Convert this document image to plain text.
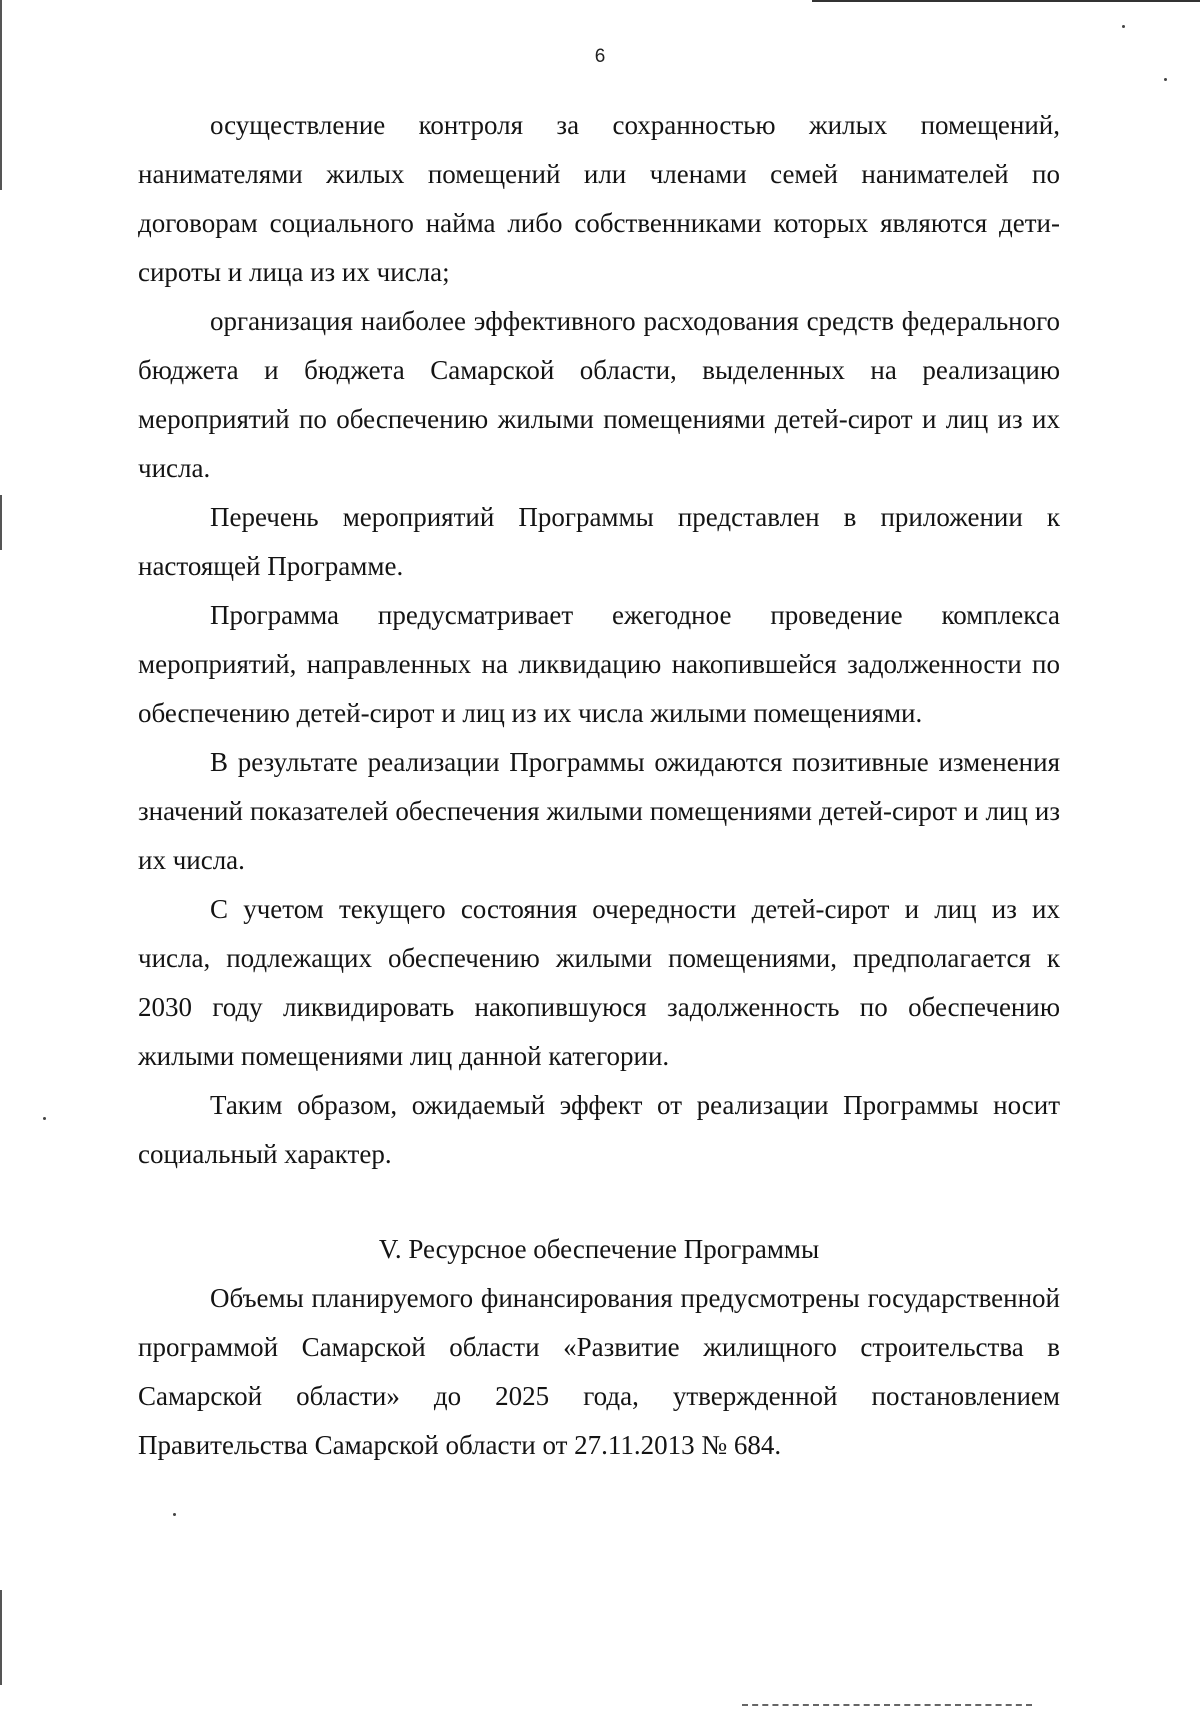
6

осуществление контроля за сохранностью жилых помещений, нанимателями жилых помещений или членами семей нанимателей по договорам социального найма либо собственниками которых являются дети-сироты и лица из их числа;

организация наиболее эффективного расходования средств федерального бюджета и бюджета Самарской области, выделенных на реализацию мероприятий по обеспечению жилыми помещениями детей-сирот и лиц из их числа.

Перечень мероприятий Программы представлен в приложении к настоящей Программе.

Программа предусматривает ежегодное проведение комплекса мероприятий, направленных на ликвидацию накопившейся задолженности по обеспечению детей-сирот и лиц из их числа жилыми помещениями.

В результате реализации Программы ожидаются позитивные изменения значений показателей обеспечения жилыми помещениями детей-сирот и лиц из их числа.

С учетом текущего состояния очередности детей-сирот и лиц из их числа, подлежащих обеспечению жилыми помещениями, предполагается к 2030 году ликвидировать накопившуюся задолженность по обеспечению жилыми помещениями лиц данной категории.

Таким образом, ожидаемый эффект от реализации Программы носит социальный характер.

V. Ресурсное обеспечение Программы

Объемы планируемого финансирования предусмотрены государственной программой Самарской области «Развитие жилищного строительства в Самарской области» до 2025 года, утвержденной постановлением Правительства Самарской области от 27.11.2013 № 684.
